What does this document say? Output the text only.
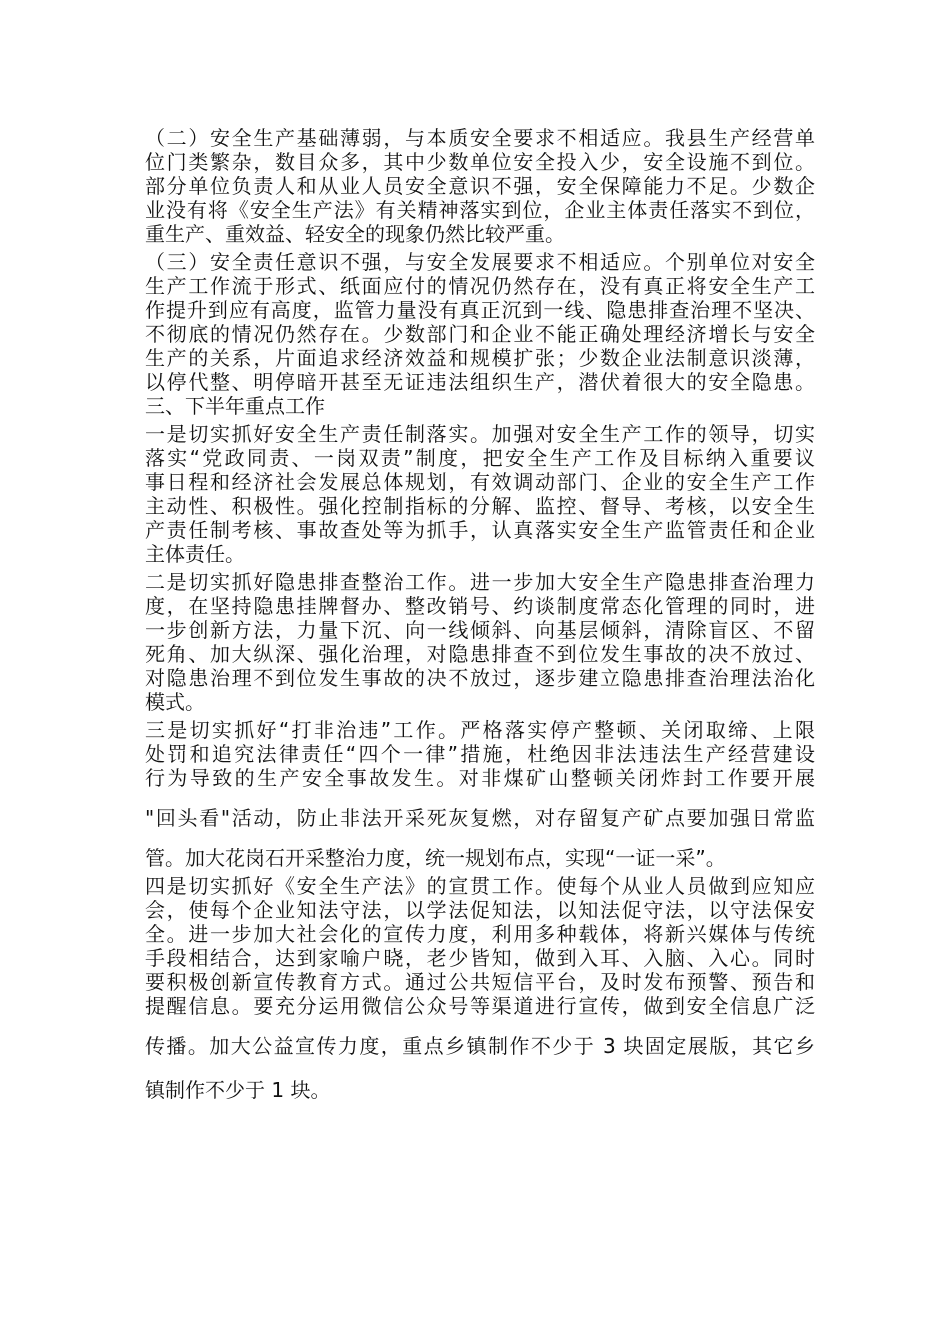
（二）安全生产基础薄弱，与本质安全要求不相适应。我县生产经营单
位门类繁杂，数目众多，其中少数单位安全投入少，安全设施不到位。
部分单位负责人和从业人员安全意识不强，安全保障能力不足。少数企
业没有将《安全生产法》有关精神落实到位，企业主体责任落实不到位，
重生产、重效益、轻安全的现象仍然比较严重。
（三）安全责任意识不强，与安全发展要求不相适应。个别单位对安全
生产工作流于形式、纸面应付的情况仍然存在，没有真正将安全生产工
作提升到应有高度，监管力量没有真正沉到一线、隐患排查治理不坚决、
不彻底的情况仍然存在。少数部门和企业不能正确处理经济增长与安全
生产的关系，片面追求经济效益和规模扩张；少数企业法制意识淡薄，
以停代整、明停暗开甚至无证违法组织生产，潜伏着很大的安全隐患。
三、下半年重点工作
一是切实抓好安全生产责任制落实。加强对安全生产工作的领导，切实
落实“党政同责、一岗双责”制度，把安全生产工作及目标纳入重要议
事日程和经济社会发展总体规划，有效调动部门、企业的安全生产工作
主动性、积极性。强化控制指标的分解、监控、督导、考核，以安全生
产责任制考核、事故查处等为抓手，认真落实安全生产监管责任和企业
主体责任。
二是切实抓好隐患排查整治工作。进一步加大安全生产隐患排查治理力
度，在坚持隐患挂牌督办、整改销号、约谈制度常态化管理的同时，进
一步创新方法，力量下沉、向一线倾斜、向基层倾斜，清除盲区、不留
死角、加大纵深、强化治理，对隐患排查不到位发生事故的决不放过、
对隐患治理不到位发生事故的决不放过，逐步建立隐患排查治理法治化
模式。
三是切实抓好“打非治违”工作。严格落实停产整顿、关闭取缔、上限
处罚和追究法律责任“四个一律”措施，杜绝因非法违法生产经营建设
行为导致的生产安全事故发生。对非煤矿山整顿关闭炸封工作要开展
"回头看"活动，防止非法开采死灰复燃，对存留复产矿点要加强日常监
管。加大花岗石开采整治力度，统一规划布点，实现“一证一采”。
四是切实抓好《安全生产法》的宣贯工作。使每个从业人员做到应知应
会，使每个企业知法守法，以学法促知法，以知法促守法，以守法保安
全。进一步加大社会化的宣传力度，利用多种载体，将新兴媒体与传统
手段相结合，达到家喻户晓，老少皆知，做到入耳、入脑、入心。同时
要积极创新宣传教育方式。通过公共短信平台，及时发布预警、预告和
提醒信息。要充分运用微信公众号等渠道进行宣传，做到安全信息广泛
传播。加大公益宣传力度，重点乡镇制作不少于 3 块固定展版，其它乡
镇制作不少于 1 块。
